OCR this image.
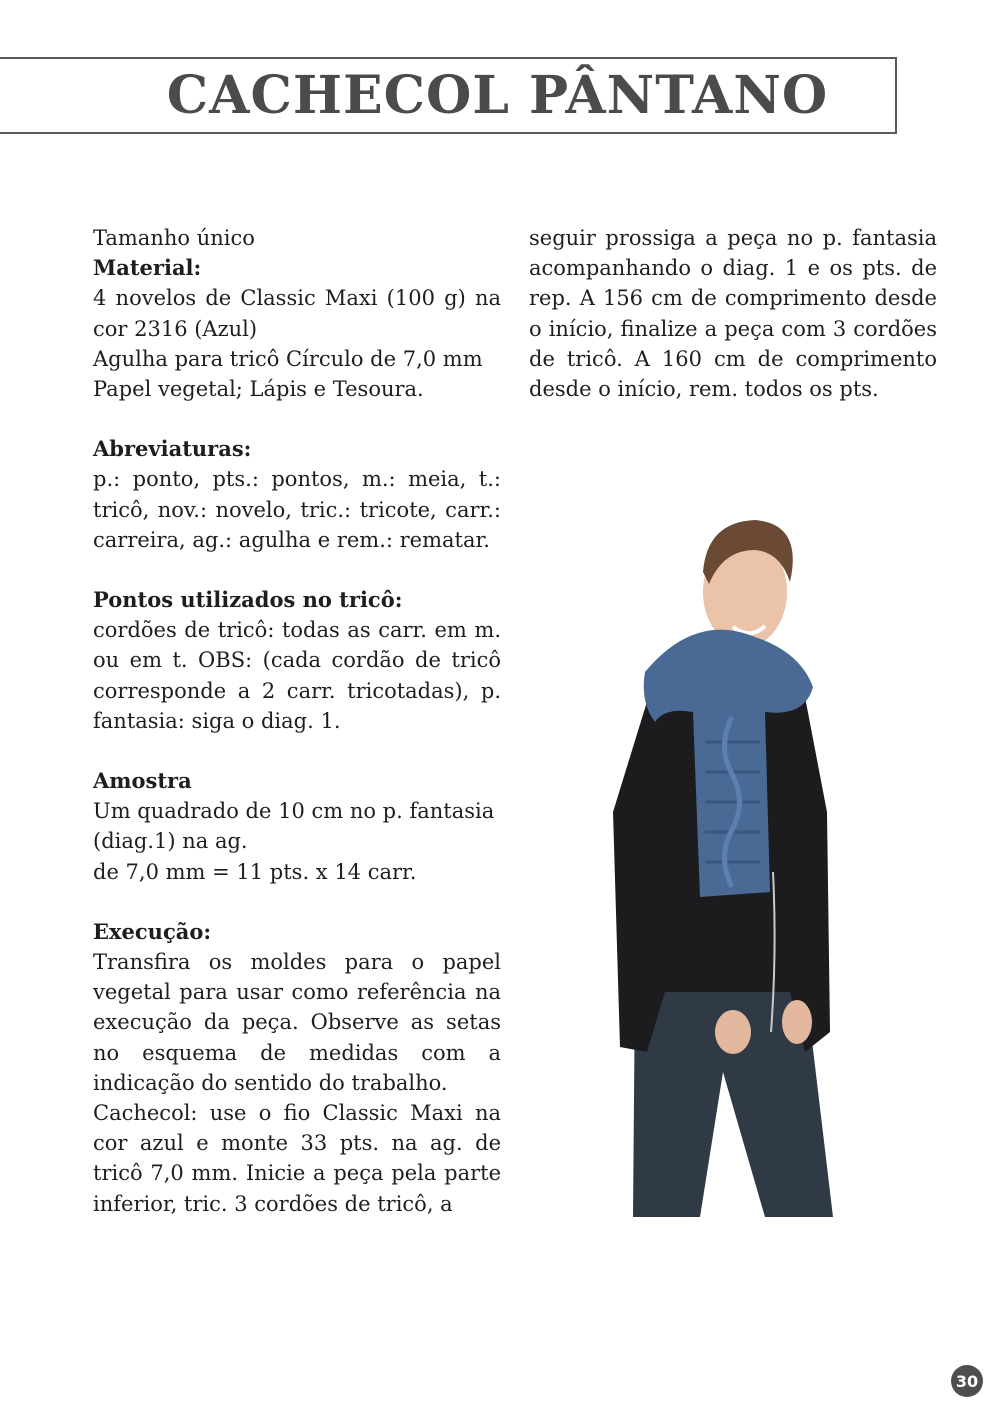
CACHECOL PÂNTANO

Tamanho único

Material:

4 novelos de Classic Maxi (100 g) na cor 2316 (Azul)

Agulha para tricô Círculo de 7,0 mm

Papel vegetal; Lápis e Tesoura.

Abreviaturas:

p.: ponto, pts.: pontos, m.: meia, t.: tricô, nov.: novelo, tric.: tricote, carr.: carreira, ag.: agulha e rem.: rematar.

Pontos utilizados no tricô:

cordões de tricô: todas as carr. em m. ou em t. OBS: (cada cordão de tricô corresponde a 2 carr. tricotadas), p. fantasia: siga o diag. 1.

Amostra

Um quadrado de 10 cm no p. fantasia (diag.1) na ag.

de 7,0 mm = 11 pts. x 14 carr.

Execução:

Transfira os moldes para o papel vegetal para usar como referência na execução da peça. Observe as setas no esquema de medidas com a indicação do sentido do trabalho.

Cachecol: use o fio Classic Maxi na cor azul e monte 33 pts. na ag. de tricô 7,0 mm. Inicie a peça pela parte inferior, tric. 3 cordões de tricô, a

seguir prossiga a peça no p. fantasia acompanhando o diag. 1 e os pts. de rep. A 156 cm de comprimento desde o início, finalize a peça com 3 cordões de tricô. A 160 cm de comprimento desde o início, rem. todos os pts.

30
